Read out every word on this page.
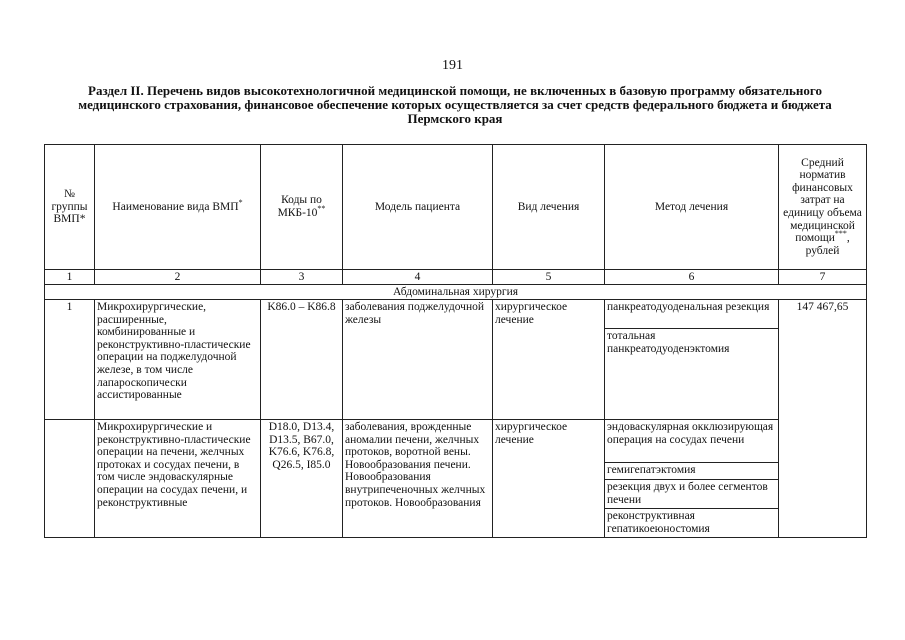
191
Раздел II. Перечень видов высокотехнологичной медицинской помощи, не включенных в базовую программу обязательного медицинского страхования, финансовое обеспечение которых осуществляется за счет средств федерального бюджета и бюджета Пермского края
№ группы ВМП*	Наименование вида ВМП*	Коды по МКБ-10**	Модель пациента	Вид лечения	Метод лечения	Средний норматив финансовых затрат на единицу объема медицинской помощи***, рублей
1	2	3	4	5	6	7
Абдоминальная хирургия						
1	Микрохирургические, расширенные, комбинированные и реконструктивно-пластические операции на поджелудочной железе, в том числе лапароскопически ассистированные	K86.0 – K86.8	заболевания поджелудочной железы	хирургическое лечение	панкреатодуоденальная резекция	147 467,65
					тотальная панкреатодуоденэктомия	
	Микрохирургические и реконструктивно-пластические операции на печени, желчных протоках и сосудах печени, в том числе эндоваскулярные операции на сосудах печени, и реконструктивные	D18.0, D13.4, D13.5, B67.0, K76.6, K76.8, Q26.5, I85.0	заболевания, врожденные аномалии печени, желчных протоков, воротной вены. Новообразования печени. Новообразования внутрипеченочных желчных протоков. Новообразования	хирургическое лечение	эндоваскулярная окклюзирующая операция на сосудах печени	
					гемигепатэктомия	
					резекция двух и более сегментов печени	
					реконструктивная гепатикоеюностомия	
